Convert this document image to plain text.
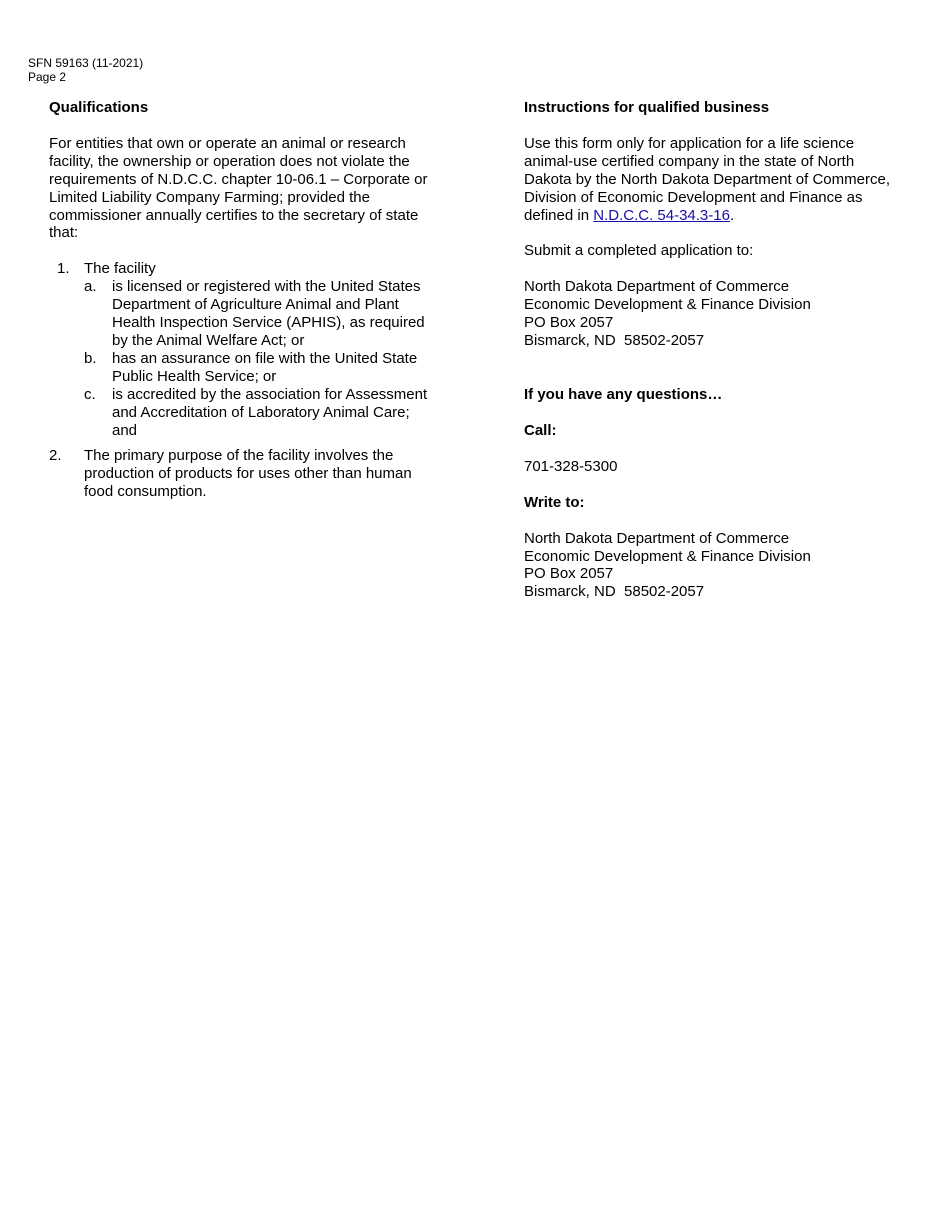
SFN 59163 (11-2021)
Page 2

Qualifications

For entities that own or operate an animal or research facility, the ownership or operation does not violate the requirements of N.D.C.C. chapter 10-06.1 – Corporate or Limited Liability Company Farming; provided the commissioner annually certifies to the secretary of state that:

1. The facility
a. is licensed or registered with the United States Department of Agriculture Animal and Plant Health Inspection Service (APHIS), as required by the Animal Welfare Act; or
b. has an assurance on file with the United State Public Health Service; or
c. is accredited by the association for Assessment and Accreditation of Laboratory Animal Care; and
2. The primary purpose of the facility involves the production of products for uses other than human food consumption.

Instructions for qualified business

Use this form only for application for a life science animal-use certified company in the state of North Dakota by the North Dakota Department of Commerce, Division of Economic Development and Finance as defined in N.D.C.C. 54-34.3-16.

Submit a completed application to:

North Dakota Department of Commerce
Economic Development & Finance Division
PO Box 2057
Bismarck, ND  58502-2057

If you have any questions…

Call:

701-328-5300

Write to:

North Dakota Department of Commerce
Economic Development & Finance Division
PO Box 2057
Bismarck, ND  58502-2057
